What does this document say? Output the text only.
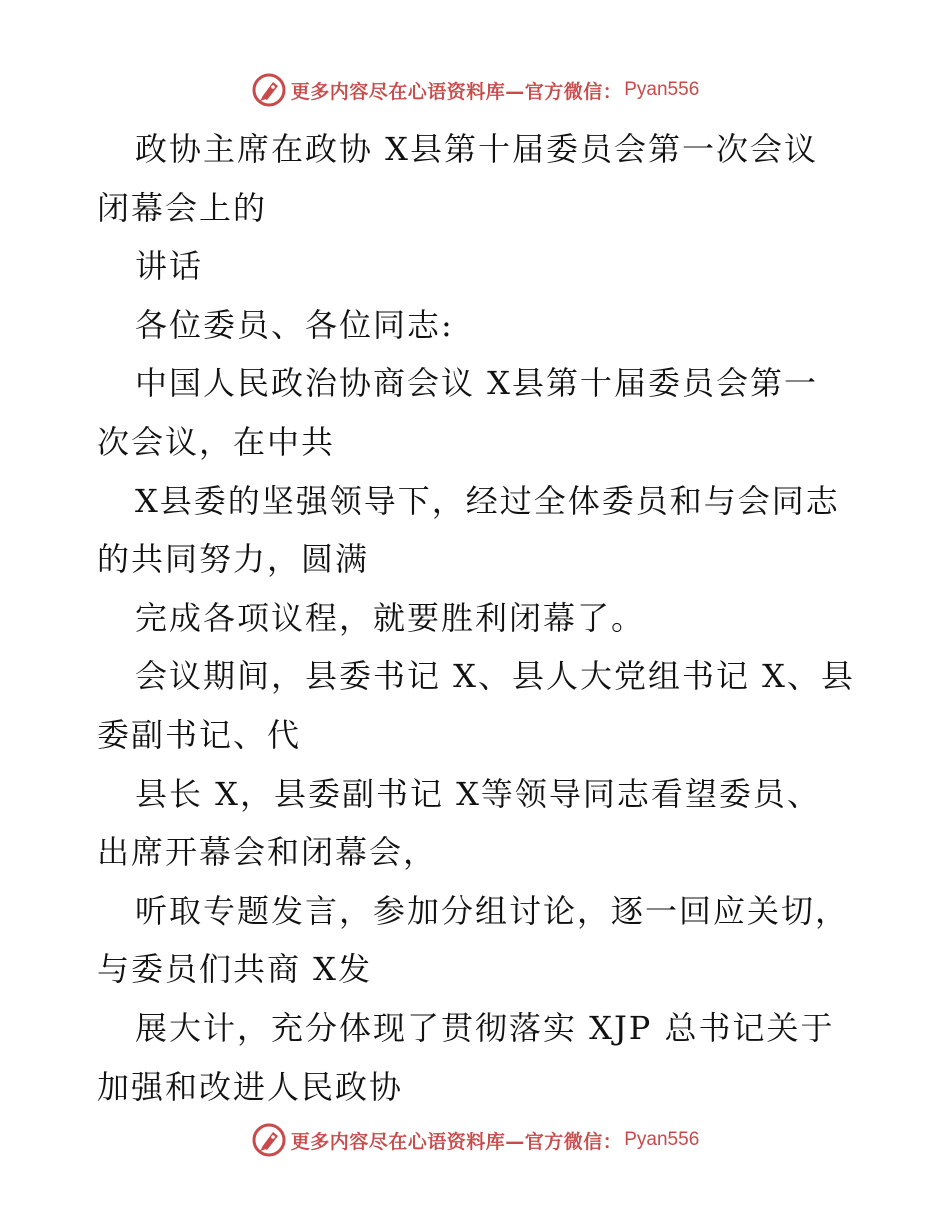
更多内容尽在心语资料库—官方微信： Pyan556
政协主席在政协 X县第十届委员会第一次会议
闭幕会上的
讲话
各位委员、各位同志:
中国人民政治协商会议 X县第十届委员会第一
次会议，在中共
X县委的坚强领导下，经过全体委员和与会同志
的共同努力，圆满
完成各项议程，就要胜利闭幕了。
会议期间，县委书记 X、县人大党组书记 X、县
委副书记、代
县长 X，县委副书记 X等领导同志看望委员、
出席开幕会和闭幕会，
听取专题发言，参加分组讨论，逐一回应关切，
与委员们共商 X发
展大计，充分体现了贯彻落实 XJP 总书记关于
加强和改进人民政协
更多内容尽在心语资料库—官方微信： Pyan556
